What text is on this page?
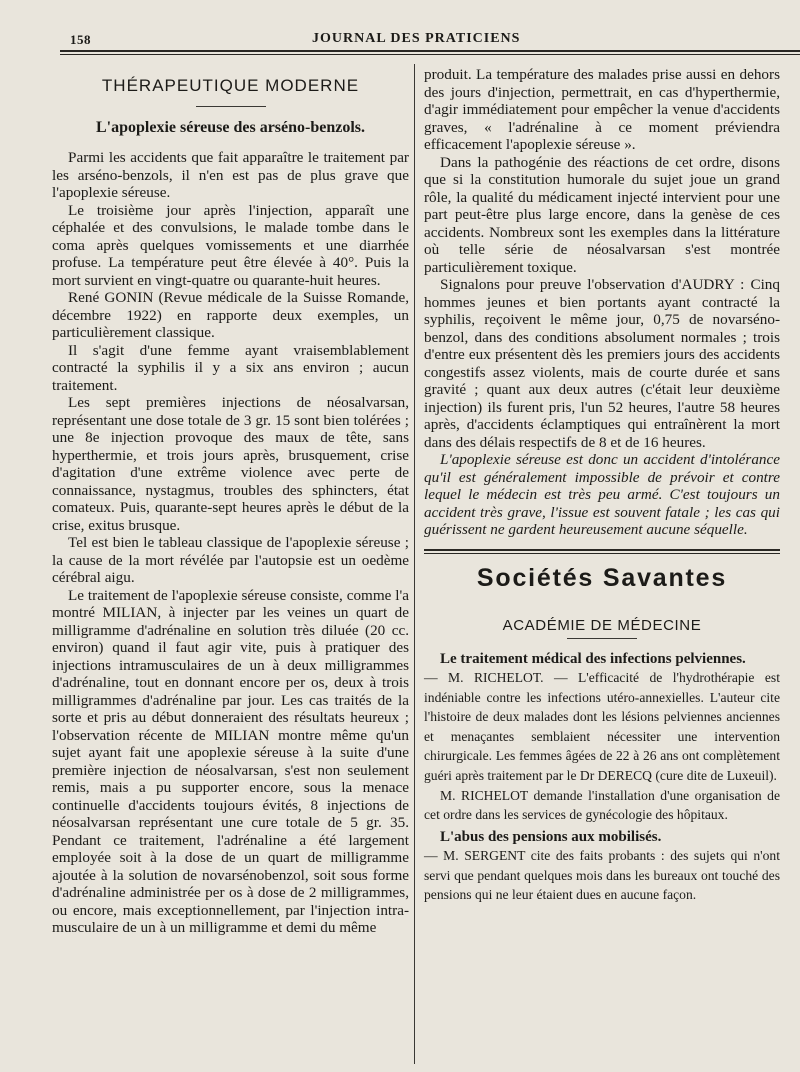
158	JOURNAL DES PRATICIENS
THÉRAPEUTIQUE MODERNE
L'apoplexie séreuse des arséno-benzols.

Parmi les accidents que fait apparaître le traitement par les arséno-benzols, il n'en est pas de plus grave que l'apoplexie séreuse.

Le troisième jour après l'injection, apparaît une céphalée et des convulsions, le malade tombe dans le coma après quelques vomissements et une diarrhée profuse. La température peut être élevée à 40°. Puis la mort survient en vingt-quatre ou quarante-huit heures.

René GONIN (Revue médicale de la Suisse Romande, décembre 1922) en rapporte deux exemples, un particulièrement classique.

Il s'agit d'une femme ayant vraisemblablement contracté la syphilis il y a six ans environ ; aucun traitement.

Les sept premières injections de néosalvarsan, représentant une dose totale de 3 gr. 15 sont bien tolérées ; une 8e injection provoque des maux de tête, sans hyperthermie, et trois jours après, brusquement, crise d'agitation d'une extrême violence avec perte de connaissance, nystagmus, troubles des sphincters, état comateux. Puis, quarante-sept heures après le début de la crise, exitus brusque.

Tel est bien le tableau classique de l'apoplexie séreuse ; la cause de la mort révélée par l'autopsie est un oedème cérébral aigu.

Le traitement de l'apoplexie séreuse consiste, comme l'a montré MILIAN, à injecter par les veines un quart de milligramme d'adrénaline en solution très diluée (20 cc. environ) quand il faut agir vite, puis à pratiquer des injections intramusculaires de un à deux milligrammes d'adrénaline, tout en donnant encore per os, deux à trois milligrammes d'adrénaline par jour. Les cas traités de la sorte et pris au début donneraient des résultats heureux ; l'observation récente de MILIAN montre même qu'un sujet ayant fait une apoplexie séreuse à la suite d'une première injection de néosalvarsan, s'est non seulement remis, mais a pu supporter encore, sous la menace continuelle d'accidents toujours évités, 8 injections de néosalvarsan représentant une cure totale de 5 gr. 35. Pendant ce traitement, l'adrénaline a été largement employée soit à la dose de un quart de milligramme ajoutée à la solution de novarsénobenzol, soit sous forme d'adrénaline administrée per os à dose de 2 milligrammes, ou encore, mais exceptionnellement, par l'injection intra-musculaire de un à un milligramme et demi du même

produit. La température des malades prise aussi en dehors des jours d'injection, permettrait, en cas d'hyperthermie, d'agir immédiatement pour empêcher la venue d'accidents graves, « l'adrénaline à ce moment préviendra efficacement l'apoplexie séreuse ».

Dans la pathogénie des réactions de cet ordre, disons que si la constitution humorale du sujet joue un grand rôle, la qualité du médicament injecté intervient pour une part peut-être plus large encore, dans la genèse de ces accidents. Nombreux sont les exemples dans la littérature où telle série de néosalvarsan s'est montrée particulièrement toxique.

Signalons pour preuve l'observation d'AUDRY : Cinq hommes jeunes et bien portants ayant contracté la syphilis, reçoivent le même jour, 0,75 de novarséno-benzol, dans des conditions absolument normales ; trois d'entre eux présentent dès les premiers jours des accidents congestifs assez violents, mais de courte durée et sans gravité ; quant aux deux autres (c'était leur deuxième injection) ils furent pris, l'un 52 heures, l'autre 58 heures après, d'accidents éclamptiques qui entraînèrent la mort dans des délais respectifs de 8 et de 16 heures.

L'apoplexie séreuse est donc un accident d'intolérance qu'il est généralement impossible de prévoir et contre lequel le médecin est très peu armé. C'est toujours un accident très grave, l'issue est souvent fatale ; les cas qui guérissent ne gardent heureusement aucune séquelle.

Sociétés Savantes
ACADÉMIE DE MÉDECINE

Le traitement médical des infections pelviennes.

— M. RICHELOT. — L'efficacité de l'hydrothérapie est indéniable contre les infections utéro-annexielles. L'auteur cite l'histoire de deux malades dont les lésions pelviennes anciennes et menaçantes semblaient nécessiter une intervention chirurgicale. Les femmes âgées de 22 à 26 ans ont complètement guéri après traitement par le Dr DERECQ (cure dite de Luxeuil).

M. RICHELOT demande l'installation d'une organisation de cet ordre dans les services de gynécologie des hôpitaux.

L'abus des pensions aux mobilisés.

— M. SERGENT cite des faits probants : des sujets qui n'ont servi que pendant quelques mois dans les bureaux ont touché des pensions qui ne leur étaient dues en aucune façon.
